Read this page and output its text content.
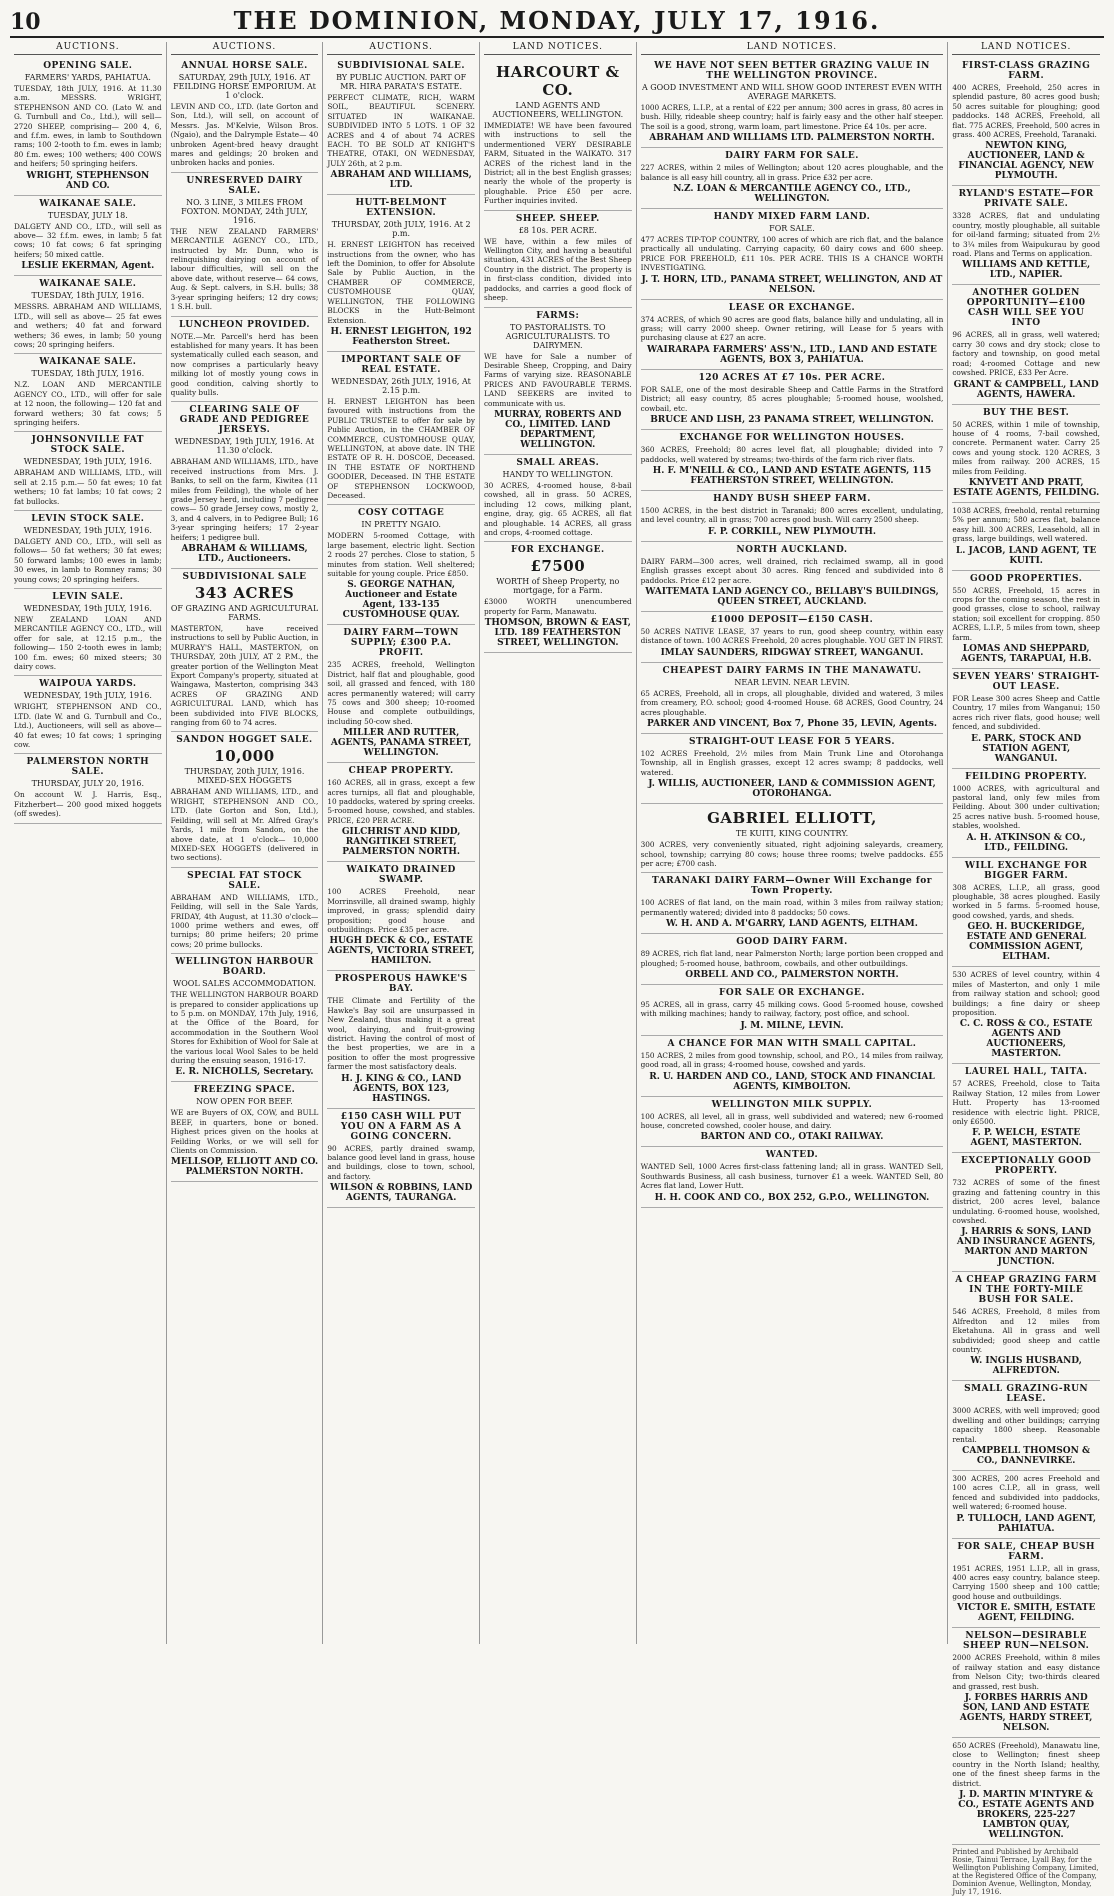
10	THE DOMINION, MONDAY, JULY 17, 1916.
AUCTIONS.
OPENING SALE.
FARMERS' YARDS, PAHIATUA.

TUESDAY, 18th JULY, 1916. At 11.30 a.m. MESSRS. WRIGHT, STEPHENSON AND CO. (Lato W. and G. Turnbull and Co., Ltd.), will sell— 2720 SHEEP, comprising— 200 4, 6, and f.f.m. ewes, in lamb to Southdown rams; 100 2-tooth to f.m. ewes in lamb; 80 f.m. ewes; 100 wethers; 400 COWS and heifers; 50 springing heifers.

WRIGHT, STEPHENSON AND CO.
WAIKANAE SALE.
TUESDAY, JULY 18.

DALGETY AND CO., LTD., will sell as above— 32 f.f.m. ewes, in lamb; 5 fat cows; 10 fat cows; 6 fat springing heifers; 50 mixed cattle.

LESLIE EKERMAN, Agent.
WAIKANAE SALE.
TUESDAY, 18th JULY, 1916.

MESSRS. ABRAHAM AND WILLIAMS, LTD., will sell as above— 25 fat ewes and wethers; 40 fat and forward wethers; 36 ewes, in lamb; 50 young cows; 20 springing heifers.

WAIKANAE SALE.
TUESDAY, 18th JULY, 1916.

N.Z. LOAN AND MERCANTILE AGENCY CO., LTD., will offer for sale at 12 noon, the following— 120 fat and forward wethers; 30 fat cows; 5 springing heifers.

JOHNSONVILLE FAT STOCK SALE.
WEDNESDAY, 19th JULY, 1916.

ABRAHAM AND WILLIAMS, LTD., will sell at 2.15 p.m.— 50 fat ewes; 10 fat wethers; 10 fat lambs; 10 fat cows; 2 fat bullocks.

LEVIN STOCK SALE.
WEDNESDAY, 19th JULY, 1916.

DALGETY AND CO., LTD., will sell as follows— 50 fat wethers; 30 fat ewes; 50 forward lambs; 100 ewes in lamb; 30 ewes, in lamb to Romney rams; 30 young cows; 20 springing heifers.

LEVIN SALE.
WEDNESDAY, 19th JULY, 1916.

NEW ZEALAND LOAN AND MERCANTILE AGENCY CO., LTD., will offer for sale, at 12.15 p.m., the following— 150 2-tooth ewes in lamb; 100 f.m. ewes; 60 mixed steers; 30 dairy cows.

WAIPOUA YARDS.
WEDNESDAY, 19th JULY, 1916.

WRIGHT, STEPHENSON AND CO., LTD. (late W. and G. Turnbull and Co., Ltd.), Auctioneers, will sell as above— 40 fat ewes; 10 fat cows; 1 springing cow.

PALMERSTON NORTH SALE.
THURSDAY, JULY 20, 1916.

On account W. J. Harris, Esq., Fitzherbert— 200 good mixed hoggets (off swedes).

AUCTIONS.
ANNUAL HORSE SALE.
SATURDAY, 29th JULY, 1916. AT FEILDING HORSE EMPORIUM. At 1 o'clock.

LEVIN AND CO., LTD. (late Gorton and Son, Ltd.), will sell, on account of Messrs. Jas. M'Kelvie, Wilson Bros. (Ngaio), and the Dalrymple Estate— 40 unbroken Agent-bred heavy draught mares and geldings; 20 broken and unbroken hacks and ponies.

UNRESERVED DAIRY SALE.
NO. 3 LINE, 3 MILES FROM FOXTON. MONDAY, 24th JULY, 1916.

THE NEW ZEALAND FARMERS' MERCANTILE AGENCY CO., LTD., instructed by Mr. Dunn, who is relinquishing dairying on account of labour difficulties, will sell on the above date, without reserve— 64 cows, Aug. & Sept. calvers, in S.H. bulls; 38 3-year springing heifers; 12 dry cows; 1 S.H. bull.

LUNCHEON PROVIDED.

NOTE.—Mr. Parcell's herd has been established for many years. It has been systematically culled each season, and now comprises a particularly heavy milking lot of mostly young cows in good condition, calving shortly to quality bulls.

CLEARING SALE OF GRADE AND PEDIGREE JERSEYS.
WEDNESDAY, 19th JULY, 1916. At 11.30 o'clock.

ABRAHAM AND WILLIAMS, LTD., have received instructions from Mrs. J. Banks, to sell on the farm, Kiwitea (11 miles from Feilding), the whole of her grade Jersey herd, including 7 pedigree cows— 50 grade Jersey cows, mostly 2, 3, and 4 calvers, in to Pedigree Bull; 16 3-year springing heifers; 17 2-year heifers; 1 pedigree bull.

ABRAHAM & WILLIAMS, LTD., Auctioneers.
SUBDIVISIONAL SALE
343 ACRES
OF GRAZING AND AGRICULTURAL FARMS.

MASTERTON, have received instructions to sell by Public Auction, in MURRAY'S HALL, MASTERTON, on THURSDAY, 20th JULY, AT 2 P.M., the greater portion of the Wellington Meat Export Company's property, situated at Waingawa, Masterton, comprising 343 ACRES OF GRAZING AND AGRICULTURAL LAND, which has been subdivided into FIVE BLOCKS, ranging from 60 to 74 acres.

SANDON HOGGET SALE.
10,000
THURSDAY, 20th JULY, 1916. MIXED-SEX HOGGETS

ABRAHAM AND WILLIAMS, LTD., and WRIGHT, STEPHENSON AND CO., LTD. (late Gorton and Son, Ltd.), Feilding, will sell at Mr. Alfred Gray's Yards, 1 mile from Sandon, on the above date, at 1 o'clock— 10,000 MIXED-SEX HOGGETS (delivered in two sections).

SPECIAL FAT STOCK SALE.

ABRAHAM AND WILLIAMS, LTD., Feilding, will sell in the Sale Yards, FRIDAY, 4th August, at 11.30 o'clock— 1000 prime wethers and ewes, off turnips; 80 prime heifers; 20 prime cows; 20 prime bullocks.

WELLINGTON HARBOUR BOARD.
WOOL SALES ACCOMMODATION.

THE WELLINGTON HARBOUR BOARD is prepared to consider applications up to 5 p.m. on MONDAY, 17th July, 1916, at the Office of the Board, for accommodation in the Southern Wool Stores for Exhibition of Wool for Sale at the various local Wool Sales to be held during the ensuing season, 1916-17.

E. R. NICHOLLS, Secretary.
FREEZING SPACE.
NOW OPEN FOR BEEF.

WE are Buyers of OX, COW, and BULL BEEF, in quarters, bone or boned. Highest prices given on the hooks at Feilding Works, or we will sell for Clients on Commission.

MELLSOP, ELLIOTT AND CO. PALMERSTON NORTH.
AUCTIONS.
SUBDIVISIONAL SALE.
BY PUBLIC AUCTION. PART OF MR. HIRA PARATA'S ESTATE.

PERFECT CLIMATE, RICH, WARM SOIL, BEAUTIFUL SCENERY. SITUATED IN WAIKANAE. SUBDIVIDED INTO 5 LOTS. 1 OF 32 ACRES and 4 of about 74 ACRES EACH. TO BE SOLD AT KNIGHT'S THEATRE, OTAKI, ON WEDNESDAY, JULY 26th, at 2 p.m.

ABRAHAM AND WILLIAMS, LTD.
HUTT-BELMONT EXTENSION.
THURSDAY, 20th JULY, 1916. At 2 p.m.

H. ERNEST LEIGHTON has received instructions from the owner, who has left the Dominion, to offer for Absolute Sale by Public Auction, in the CHAMBER OF COMMERCE, CUSTOMHOUSE QUAY, WELLINGTON, THE FOLLOWING BLOCKS in the Hutt-Belmont Extension.

H. ERNEST LEIGHTON, 192 Featherston Street.
IMPORTANT SALE OF REAL ESTATE.
WEDNESDAY, 26th JULY, 1916, At 2.15 p.m.

H. ERNEST LEIGHTON has been favoured with instructions from the PUBLIC TRUSTEE to offer for sale by Public Auction, in the CHAMBER OF COMMERCE, CUSTOMHOUSE QUAY, WELLINGTON, at above date. IN THE ESTATE OF R. H. DOSCOE, Deceased. IN THE ESTATE OF NORTHEND GOODIER, Deceased. IN THE ESTATE OF STEPHENSON LOCKWOOD, Deceased.

COSY COTTAGE
IN PRETTY NGAIO.

MODERN 5-roomed Cottage, with large basement, electric light. Section 2 roods 27 perches. Close to station, 5 minutes from station. Well sheltered; suitable for young couple. Price £850.

S. GEORGE NATHAN, Auctioneer and Estate Agent, 133-135 CUSTOMHOUSE QUAY.
DAIRY FARM—TOWN SUPPLY; £300 P.A. PROFIT.

235 ACRES, freehold, Wellington District, half flat and ploughable, good soil, all grassed and fenced, with 180 acres permanently watered; will carry 75 cows and 300 sheep; 10-roomed House and complete outbuildings, including 50-cow shed.

MILLER AND RUTTER, AGENTS, PANAMA STREET, WELLINGTON.
CHEAP PROPERTY.

160 ACRES, all in grass, except a few acres turnips, all flat and ploughable, 10 paddocks, watered by spring creeks. 5-roomed house, cowshed, and stables. PRICE, £20 PER ACRE.

GILCHRIST AND KIDD, RANGITIKEI STREET, PALMERSTON NORTH.
WAIKATO DRAINED SWAMP.

100 ACRES Freehold, near Morrinsville, all drained swamp, highly improved, in grass; splendid dairy proposition; good house and outbuildings. Price £35 per acre.

HUGH DECK & CO., ESTATE AGENTS, VICTORIA STREET, HAMILTON.
PROSPEROUS HAWKE'S BAY.

THE Climate and Fertility of the Hawke's Bay soil are unsurpassed in New Zealand, thus making it a great wool, dairying, and fruit-growing district. Having the control of most of the best properties, we are in a position to offer the most progressive farmer the most satisfactory deals.

H. J. KING & CO., LAND AGENTS, BOX 123, HASTINGS.
£150 CASH WILL PUT YOU ON A FARM AS A GOING CONCERN.

90 ACRES, partly drained swamp, balance good level land in grass, house and buildings, close to town, school, and factory.

WILSON & ROBBINS, LAND AGENTS, TAURANGA.
LAND NOTICES.
HARCOURT & CO.
LAND AGENTS AND AUCTIONEERS, WELLINGTON.

IMMEDIATE! WE have been favoured with instructions to sell the undermentioned VERY DESIRABLE FARM, Situated in the WAIKATO. 317 ACRES of the richest land in the District; all in the best English grasses; nearly the whole of the property is ploughable. Price £50 per acre. Further inquiries invited.

SHEEP. SHEEP.
£8 10s. PER ACRE.

WE have, within a few miles of Wellington City, and having a beautiful situation, 431 ACRES of the Best Sheep Country in the district. The property is in first-class condition, divided into paddocks, and carries a good flock of sheep.

FARMS:
TO PASTORALISTS. TO AGRICULTURALISTS. TO DAIRYMEN.

WE have for Sale a number of Desirable Sheep, Cropping, and Dairy Farms of varying size. REASONABLE PRICES AND FAVOURABLE TERMS. LAND SEEKERS are invited to communicate with us.

MURRAY, ROBERTS AND CO., LIMITED. LAND DEPARTMENT, WELLINGTON.
SMALL AREAS.
HANDY TO WELLINGTON.

30 ACRES, 4-roomed house, 8-bail cowshed, all in grass. 50 ACRES, including 12 cows, milking plant, engine, dray, gig. 65 ACRES, all flat and ploughable. 14 ACRES, all grass and crops, 4-roomed cottage.

FOR EXCHANGE.
£7500
WORTH of Sheep Property, no mortgage, for a Farm.

£3000 WORTH unencumbered property for Farm, Manawatu.

THOMSON, BROWN & EAST, LTD. 189 FEATHERSTON STREET, WELLINGTON.
LAND NOTICES.
WE HAVE NOT SEEN BETTER GRAZING VALUE IN THE WELLINGTON PROVINCE.
A GOOD INVESTMENT AND WILL SHOW GOOD INTEREST EVEN WITH AVERAGE MARKETS.

1000 ACRES, L.I.P., at a rental of £22 per annum; 300 acres in grass, 80 acres in bush. Hilly, rideable sheep country; half is fairly easy and the other half steeper. The soil is a good, strong, warm loam, part limestone. Price £4 10s. per acre.

ABRAHAM AND WILLIAMS LTD. PALMERSTON NORTH.
DAIRY FARM FOR SALE.

227 ACRES, within 2 miles of Wellington; about 120 acres ploughable, and the balance is all easy hill country, all in grass. Price £32 per acre.

N.Z. LOAN & MERCANTILE AGENCY CO., LTD., WELLINGTON.
HANDY MIXED FARM LAND.
FOR SALE.

477 ACRES TIP-TOP COUNTRY, 100 acres of which are rich flat, and the balance practically all undulating. Carrying capacity, 60 dairy cows and 600 sheep. PRICE FOR FREEHOLD, £11 10s. PER ACRE. THIS IS A CHANCE WORTH INVESTIGATING.

J. T. HORN, LTD., PANAMA STREET, WELLINGTON, AND AT NELSON.
LEASE OR EXCHANGE.

374 ACRES, of which 90 acres are good flats, balance hilly and undulating, all in grass; will carry 2000 sheep. Owner retiring, will Lease for 5 years with purchasing clause at £27 an acre.

WAIRARAPA FARMERS' ASS'N., LTD., LAND AND ESTATE AGENTS, BOX 3, PAHIATUA.
120 ACRES AT £7 10s. PER ACRE.

FOR SALE, one of the most desirable Sheep and Cattle Farms in the Stratford District; all easy country, 85 acres ploughable; 5-roomed house, woolshed, cowbail, etc.

BRUCE AND LISH, 23 PANAMA STREET, WELLINGTON.
EXCHANGE FOR WELLINGTON HOUSES.

360 ACRES, Freehold; 80 acres level flat, all ploughable; divided into 7 paddocks, well watered by streams; two-thirds of the farm rich river flats.

H. F. M'NEILL & CO., LAND AND ESTATE AGENTS, 115 FEATHERSTON STREET, WELLINGTON.
HANDY BUSH SHEEP FARM.

1500 ACRES, in the best district in Taranaki; 800 acres excellent, undulating, and level country, all in grass; 700 acres good bush. Will carry 2500 sheep.

F. P. CORKILL, NEW PLYMOUTH.
NORTH AUCKLAND.

DAIRY FARM—300 acres, well drained, rich reclaimed swamp, all in good English grasses except about 30 acres. Ring fenced and subdivided into 8 paddocks. Price £12 per acre.

WAITEMATA LAND AGENCY CO., BELLABY'S BUILDINGS, QUEEN STREET, AUCKLAND.
£1000 DEPOSIT—£150 CASH.

50 ACRES NATIVE LEASE, 37 years to run, good sheep country, within easy distance of town. 100 ACRES Freehold, 20 acres ploughable. YOU GET IN FIRST.

IMLAY SAUNDERS, RIDGWAY STREET, WANGANUI.
CHEAPEST DAIRY FARMS IN THE MANAWATU.
NEAR LEVIN. NEAR LEVIN.

65 ACRES, Freehold, all in crops, all ploughable, divided and watered, 3 miles from creamery, P.O. school; good 4-roomed House. 68 ACRES, Good Country, 24 acres ploughable.

PARKER AND VINCENT, Box 7, Phone 35, LEVIN, Agents.
STRAIGHT-OUT LEASE FOR 5 YEARS.

102 ACRES Freehold, 2½ miles from Main Trunk Line and Otorohanga Township, all in English grasses, except 12 acres swamp; 8 paddocks, well watered.

J. WILLIS, AUCTIONEER, LAND & COMMISSION AGENT, OTOROHANGA.
GABRIEL ELLIOTT,
TE KUITI, KING COUNTRY.

300 ACRES, very conveniently situated, right adjoining saleyards, creamery, school, township; carrying 80 cows; house three rooms; twelve paddocks. £55 per acre; £700 cash.

TARANAKI DAIRY FARM—Owner Will Exchange for Town Property.

100 ACRES of flat land, on the main road, within 3 miles from railway station; permanently watered; divided into 8 paddocks; 50 cows.

W. H. AND A. M'GARRY, LAND AGENTS, ELTHAM.
GOOD DAIRY FARM.

89 ACRES, rich flat land, near Palmerston North; large portion been cropped and ploughed; 5-roomed house, bathroom, cowbails, and other outbuildings.

ORBELL AND CO., PALMERSTON NORTH.
FOR SALE OR EXCHANGE.

95 ACRES, all in grass, carry 45 milking cows. Good 5-roomed house, cowshed with milking machines; handy to railway, factory, post office, and school.

J. M. MILNE, LEVIN.
A CHANCE FOR MAN WITH SMALL CAPITAL.

150 ACRES, 2 miles from good township, school, and P.O., 14 miles from railway, good road, all in grass; 4-roomed house, cowshed and yards.

R. U. HARDEN AND CO., LAND, STOCK AND FINANCIAL AGENTS, KIMBOLTON.
WELLINGTON MILK SUPPLY.

100 ACRES, all level, all in grass, well subdivided and watered; new 6-roomed house, concreted cowshed, cooler house, and dairy.

BARTON AND CO., OTAKI RAILWAY.
WANTED.

WANTED Sell, 1000 Acres first-class fattening land; all in grass. WANTED Sell, Southwards Business, all cash business, turnover £1 a week. WANTED Sell, 80 Acres flat land, Lower Hutt.

H. H. COOK AND CO., BOX 252, G.P.O., WELLINGTON.
LAND NOTICES.
FIRST-CLASS GRAZING FARM.

400 ACRES, Freehold, 250 acres in splendid pasture, 80 acres good bush; 50 acres suitable for ploughing; good paddocks. 148 ACRES, Freehold, all flat. 775 ACRES, Freehold, 500 acres in grass. 400 ACRES, Freehold, Taranaki.

NEWTON KING, AUCTIONEER, LAND & FINANCIAL AGENCY, NEW PLYMOUTH.
RYLAND'S ESTATE—FOR PRIVATE SALE.

3328 ACRES, flat and undulating country, mostly ploughable, all suitable for oil-land farming; situated from 2½ to 3¼ miles from Waipukurau by good road. Plans and Terms on application.

WILLIAMS AND KETTLE, LTD., NAPIER.
ANOTHER GOLDEN OPPORTUNITY—£100 CASH WILL SEE YOU INTO

96 ACRES, all in grass, well watered; carry 30 cows and dry stock; close to factory and township, on good metal road; 4-roomed Cottage and new cowshed. PRICE, £33 Per Acre.

GRANT & CAMPBELL, LAND AGENTS, HAWERA.
BUY THE BEST.

50 ACRES, within 1 mile of township, house of 4 rooms, 7-bail cowshed, concrete. Permanent water. Carry 25 cows and young stock. 120 ACRES, 3 miles from railway. 200 ACRES, 15 miles from Feilding.

KNYVETT AND PRATT, ESTATE AGENTS, FEILDING.

1038 ACRES, freehold, rental returning 5% per annum; 580 acres flat, balance easy hill. 300 ACRES, Leasehold, all in grass, large buildings, well watered.

L. JACOB, LAND AGENT, TE KUITI.
GOOD PROPERTIES.

550 ACRES, Freehold, 15 acres in crops for the coming season, the rest in good grasses, close to school, railway station; soil excellent for cropping. 850 ACRES, L.I.P., 5 miles from town, sheep farm.

LOMAS AND SHEPPARD, AGENTS, TARAPUAI, H.B.
SEVEN YEARS' STRAIGHT-OUT LEASE.

FOR Lease 300 acres Sheep and Cattle Country, 17 miles from Wanganui; 150 acres rich river flats, good house; well fenced, and subdivided.

E. PARK, STOCK AND STATION AGENT, WANGANUI.
FEILDING PROPERTY.

1000 ACRES, with agricultural and pastoral land, only few miles from Feilding. About 300 under cultivation; 25 acres native bush. 5-roomed house, stables, woolshed.

A. H. ATKINSON & CO., LTD., FEILDING.
WILL EXCHANGE FOR BIGGER FARM.

308 ACRES, L.I.P., all grass, good ploughable, 38 acres ploughed. Easily worked in 5 farms. 5-roomed house, good cowshed, yards, and sheds.

GEO. H. BUCKERIDGE, ESTATE AND GENERAL COMMISSION AGENT, ELTHAM.

530 ACRES of level country, within 4 miles of Masterton, and only 1 mile from railway station and school; good buildings; a fine dairy or sheep proposition.

C. C. ROSS & CO., ESTATE AGENTS AND AUCTIONEERS, MASTERTON.
LAUREL HALL, TAITA.

57 ACRES, Freehold, close to Taita Railway Station, 12 miles from Lower Hutt. Property has 13-roomed residence with electric light. PRICE, only £6500.

F. P. WELCH, ESTATE AGENT, MASTERTON.
EXCEPTIONALLY GOOD PROPERTY.

732 ACRES of some of the finest grazing and fattening country in this district, 200 acres level, balance undulating. 6-roomed house, woolshed, cowshed.

J. HARRIS & SONS, LAND AND INSURANCE AGENTS, MARTON AND MARTON JUNCTION.
A CHEAP GRAZING FARM IN THE FORTY-MILE BUSH FOR SALE.

546 ACRES, Freehold, 8 miles from Alfredton and 12 miles from Eketahuna. All in grass and well subdivided; good sheep and cattle country.

W. INGLIS HUSBAND, ALFREDTON.
SMALL GRAZING-RUN LEASE.

3000 ACRES, with well improved; good dwelling and other buildings; carrying capacity 1800 sheep. Reasonable rental.

CAMPBELL THOMSON & CO., DANNEVIRKE.

300 ACRES, 200 acres Freehold and 100 acres C.I.P., all in grass, well fenced and subdivided into paddocks, well watered; 6-roomed house.

P. TULLOCH, LAND AGENT, PAHIATUA.
FOR SALE, CHEAP BUSH FARM.

1951 ACRES, 1951 L.I.P., all in grass, 400 acres easy country, balance steep. Carrying 1500 sheep and 100 cattle; good house and outbuildings.

VICTOR E. SMITH, ESTATE AGENT, FEILDING.
NELSON—DESIRABLE SHEEP RUN—NELSON.

2000 ACRES Freehold, within 8 miles of railway station and easy distance from Nelson City; two-thirds cleared and grassed, rest bush.

J. FORBES HARRIS AND SON, LAND AND ESTATE AGENTS, HARDY STREET, NELSON.

650 ACRES (Freehold), Manawatu line, close to Wellington; finest sheep country in the North Island; healthy, one of the finest sheep farms in the district.

J. D. MARTIN M'INTYRE & CO., ESTATE AGENTS AND BROKERS, 225-227 LAMBTON QUAY, WELLINGTON.
Printed and Published by Archibald Rosie, Tainui Terrace, Lyall Bay, for the Wellington Publishing Company, Limited, at the Registered Office of the Company, Dominion Avenue, Wellington, Monday, July 17, 1916.
